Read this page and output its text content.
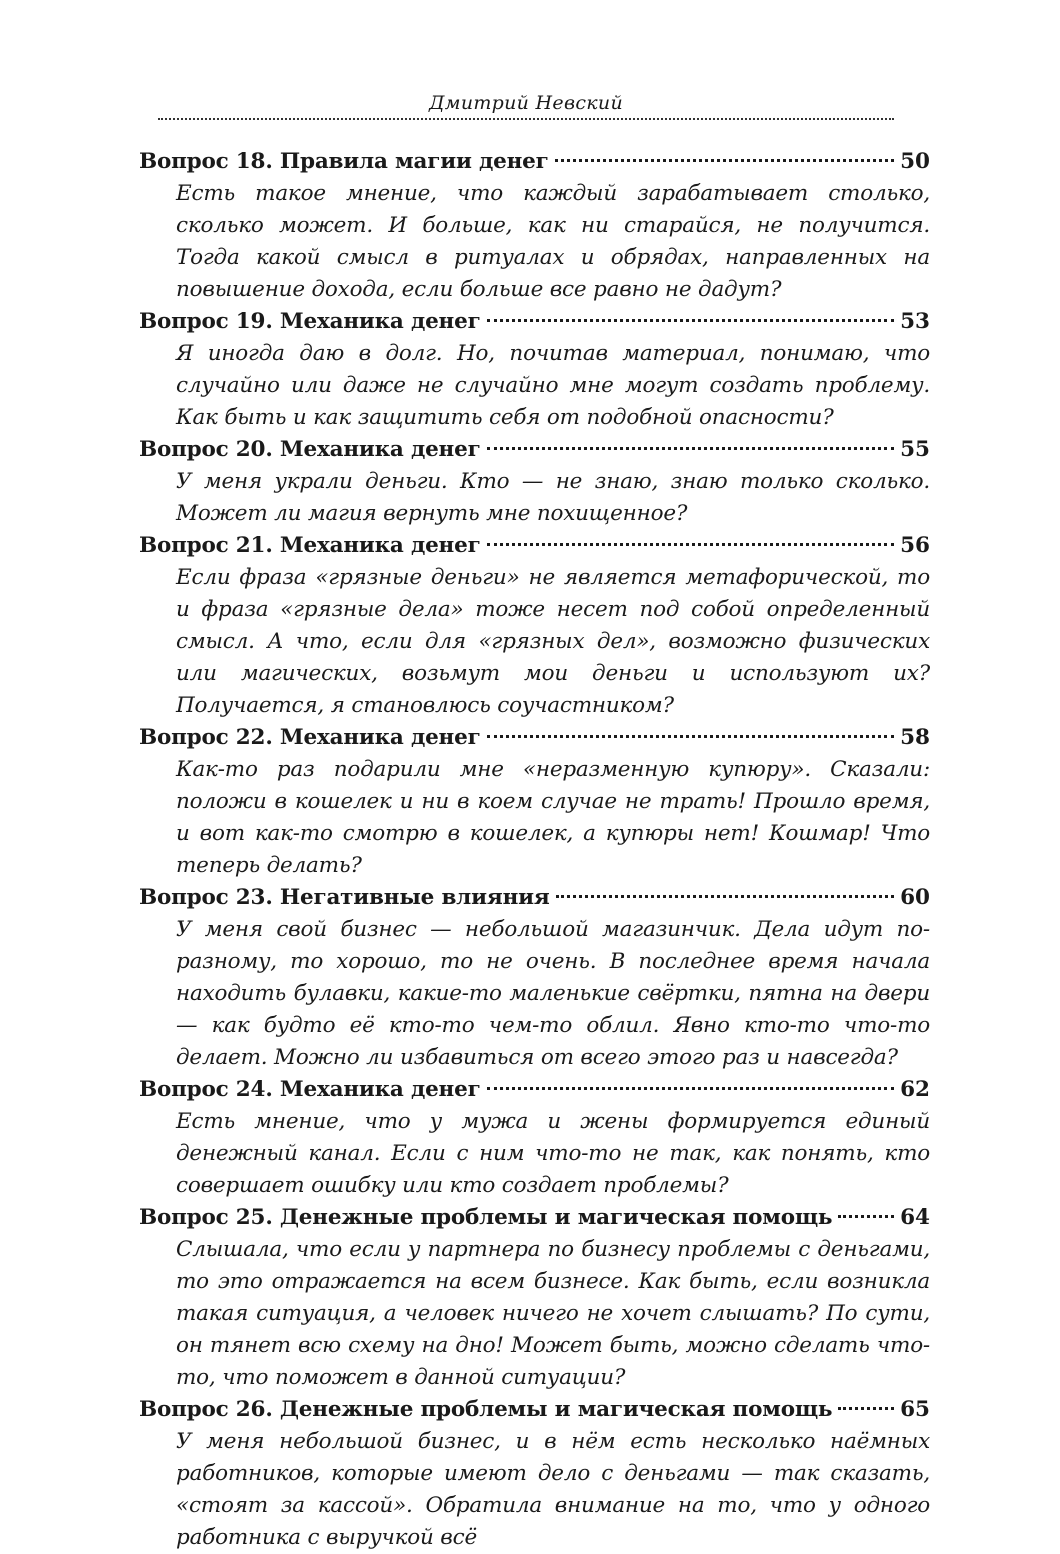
Дмитрий Невский
Вопрос 18. Правила магии денег	50

Есть такое мнение, что каждый зарабатывает столько, сколько может. И больше, как ни старайся, не получится. Тогда какой смысл в ритуалах и обрядах, направленных на повышение дохода, если больше все равно не дадут?

Вопрос 19. Механика денег	53

Я иногда даю в долг. Но, почитав материал, понимаю, что случайно или даже не случайно мне могут создать проблему. Как быть и как защитить себя от подобной опасности?

Вопрос 20. Механика денег	55

У меня украли деньги. Кто — не знаю, знаю только сколько. Может ли магия вернуть мне похищенное?

Вопрос 21. Механика денег	56

Если фраза «грязные деньги» не является метафорической, то и фраза «грязные дела» тоже несет под собой определенный смысл. А что, если для «грязных дел», возможно физических или магических, возьмут мои деньги и используют их? Получается, я становлюсь соучастником?

Вопрос 22. Механика денег	58

Как-то раз подарили мне «неразменную купюру». Сказали: положи в кошелек и ни в коем случае не трать! Прошло время, и вот как-то смотрю в кошелек, а купюры нет! Кошмар! Что теперь делать?

Вопрос 23. Негативные влияния	60

У меня свой бизнес — небольшой магазинчик. Дела идут по-разному, то хорошо, то не очень. В последнее время начала находить булавки, какие-то маленькие свёртки, пятна на двери — как будто её кто-то чем-то облил. Явно кто-то что-то делает. Можно ли избавиться от всего этого раз и навсегда?

Вопрос 24. Механика денег	62

Есть мнение, что у мужа и жены формируется единый денежный канал. Если с ним что-то не так, как понять, кто совершает ошибку или кто создает проблемы?

Вопрос 25. Денежные проблемы и магическая помощь	64

Слышала, что если у партнера по бизнесу проблемы с деньгами, то это отражается на всем бизнесе. Как быть, если возникла такая ситуация, а человек ничего не хочет слышать? По сути, он тянет всю схему на дно! Может быть, можно сделать что-то, что поможет в данной ситуации?

Вопрос 26. Денежные проблемы и магическая помощь	65

У меня небольшой бизнес, и в нём есть несколько наёмных работников, которые имеют дело с деньгами — так сказать, «стоят за кассой». Обратила внимание на то, что у одного работника с выручкой всё
